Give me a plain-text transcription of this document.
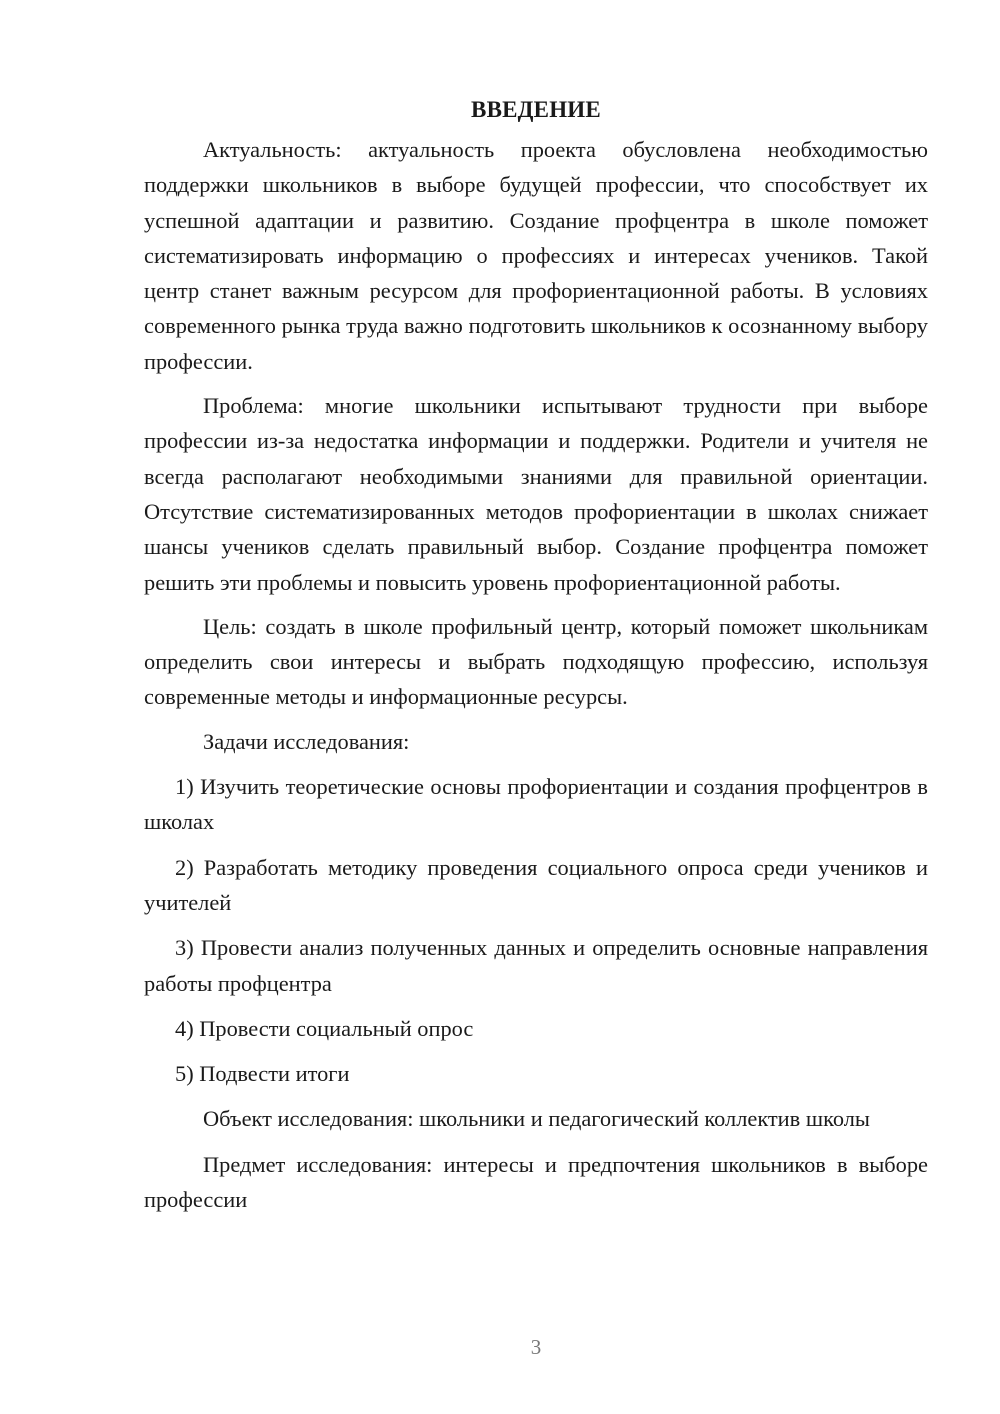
ВВЕДЕНИЕ

Актуальность: актуальность проекта обусловлена необходимостью поддержки школьников в выборе будущей профессии, что способствует их успешной адаптации и развитию. Создание профцентра в школе поможет систематизировать информацию о профессиях и интересах учеников. Такой центр станет важным ресурсом для профориентационной работы. В условиях современного рынка труда важно подготовить школьников к осознанному выбору профессии.

Проблема: многие школьники испытывают трудности при выборе профессии из-за недостатка информации и поддержки. Родители и учителя не всегда располагают необходимыми знаниями для правильной ориентации. Отсутствие систематизированных методов профориентации в школах снижает шансы учеников сделать правильный выбор. Создание профцентра поможет решить эти проблемы и повысить уровень профориентационной работы.

Цель: создать в школе профильный центр, который поможет школьникам определить свои интересы и выбрать подходящую профессию, используя современные методы и информационные ресурсы.

Задачи исследования:

1) Изучить теоретические основы профориентации и создания профцентров в школах

2) Разработать методику проведения социального опроса среди учеников и учителей

3) Провести анализ полученных данных и определить основные направления работы профцентра

4) Провести социальный опрос

5) Подвести итоги

Объект исследования: школьники и педагогический коллектив школы

Предмет исследования: интересы и предпочтения школьников в выборе профессии

3
